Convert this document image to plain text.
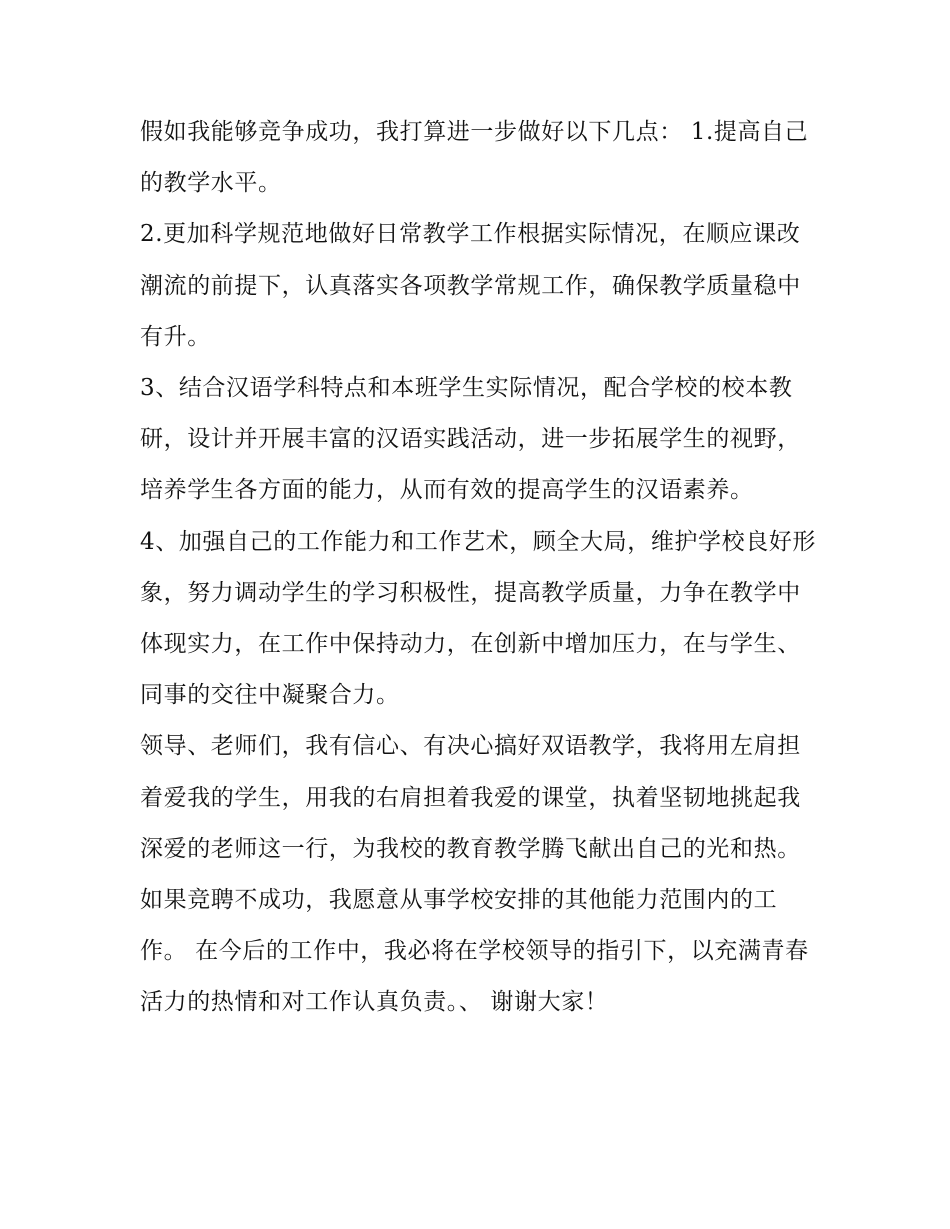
假如我能够竞争成功，我打算进一步做好以下几点： 1.提高自己的教学水平。

2.更加科学规范地做好日常教学工作根据实际情况，在顺应课改潮流的前提下，认真落实各项教学常规工作，确保教学质量稳中有升。

3、结合汉语学科特点和本班学生实际情况，配合学校的校本教研，设计并开展丰富的汉语实践活动，进一步拓展学生的视野，培养学生各方面的能力，从而有效的提高学生的汉语素养。

4、加强自己的工作能力和工作艺术，顾全大局，维护学校良好形象，努力调动学生的学习积极性，提高教学质量，力争在教学中体现实力，在工作中保持动力，在创新中增加压力，在与学生、同事的交往中凝聚合力。

领导、老师们，我有信心、有决心搞好双语教学，我将用左肩担着爱我的学生，用我的右肩担着我爱的课堂，执着坚韧地挑起我深爱的老师这一行，为我校的教育教学腾飞献出自己的光和热。

如果竞聘不成功，我愿意从事学校安排的其他能力范围内的工作。 在今后的工作中，我必将在学校领导的指引下，以充满青春活力的热情和对工作认真负责。、 谢谢大家！
